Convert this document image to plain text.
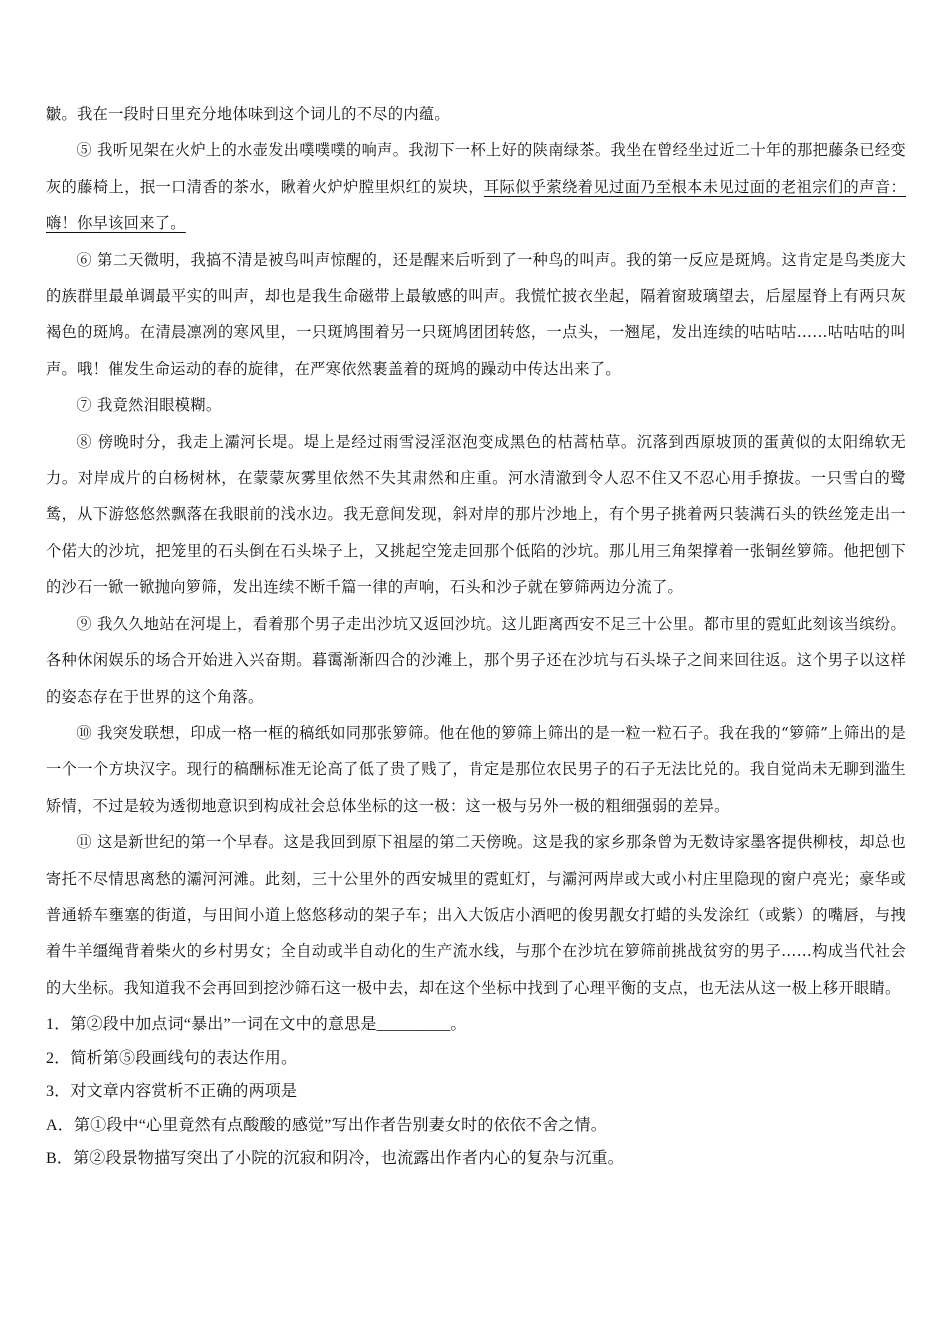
皺。我在一段时日里充分地体味到这个词儿的不尽的内蕴。

⑤ 我听见架在火炉上的水壶发出噗噗噗的响声。我沏下一杯上好的陕南绿茶。我坐在曾经坐过近二十年的那把藤条已经变灰的藤椅上，抿一口清香的茶水，瞅着火炉炉膛里炽红的炭块，耳际似乎萦绕着见过面乃至根本未见过面的老祖宗们的声音：嗨！你早该回来了。

⑥ 第二天微明，我搞不清是被鸟叫声惊醒的，还是醒来后听到了一种鸟的叫声。我的第一反应是斑鸠。这肯定是鸟类庞大的族群里最单调最平实的叫声，却也是我生命磁带上最敏感的叫声。我慌忙披衣坐起，隔着窗玻璃望去，后屋屋脊上有两只灰褐色的斑鸠。在清晨凛冽的寒风里，一只斑鸠围着另一只斑鸠团团转悠，一点头，一翘尾，发出连续的咕咕咕……咕咕咕的叫声。哦！催发生命运动的春的旋律，在严寒依然裹盖着的斑鸠的躁动中传达出来了。

⑦ 我竟然泪眼模糊。

⑧ 傍晚时分，我走上灞河长堤。堤上是经过雨雪浸淫沤泡变成黑色的枯蒿枯草。沉落到西原坡顶的蛋黄似的太阳绵软无力。对岸成片的白杨树林，在蒙蒙灰雾里依然不失其肃然和庄重。河水清澈到令人忍不住又不忍心用手撩拔。一只雪白的鹭鸶，从下游悠悠然飘落在我眼前的浅水边。我无意间发现，斜对岸的那片沙地上，有个男子挑着两只装满石头的铁丝笼走出一个偌大的沙坑，把笼里的石头倒在石头垛子上，又挑起空笼走回那个低陷的沙坑。那儿用三角架撑着一张铜丝箩筛。他把刨下的沙石一锨一锨抛向箩筛，发出连续不断千篇一律的声响，石头和沙子就在箩筛两边分流了。

⑨ 我久久地站在河堤上，看着那个男子走出沙坑又返回沙坑。这儿距离西安不足三十公里。都市里的霓虹此刻该当缤纷。各种休闲娱乐的场合开始进入兴奋期。暮霭渐渐四合的沙滩上，那个男子还在沙坑与石头垛子之间来回往返。这个男子以这样的姿态存在于世界的这个角落。

⑩ 我突发联想，印成一格一框的稿纸如同那张箩筛。他在他的箩筛上筛出的是一粒一粒石子。我在我的“箩筛”上筛出的是一个一个方块汉字。现行的稿酬标准无论高了低了贵了贱了，肯定是那位农民男子的石子无法比兑的。我自觉尚未无聊到滥生矫情，不过是较为透彻地意识到构成社会总体坐标的这一极：这一极与另外一极的粗细强弱的差异。

⑪ 这是新世纪的第一个早春。这是我回到原下祖屋的第二天傍晚。这是我的家乡那条曾为无数诗家墨客提供柳枝，却总也寄托不尽情思离愁的灞河河滩。此刻，三十公里外的西安城里的霓虹灯，与灞河两岸或大或小村庄里隐现的窗户亮光；豪华或普通轿车壅塞的街道，与田间小道上悠悠移动的架子车；出入大饭店小酒吧的俊男靓女打蜡的头发涂红（或紫）的嘴唇，与拽着牛羊缰绳背着柴火的乡村男女；全自动或半自动化的生产流水线，与那个在沙坑在箩筛前挑战贫穷的男子……构成当代社会的大坐标。我知道我不会再回到挖沙筛石这一极中去，却在这个坐标中找到了心理平衡的支点，也无法从这一极上移开眼睛。

1．第②段中加点词“暴出”一词在文中的意思是_________。

2．简析第⑤段画线句的表达作用。

3．对文章内容赏析不正确的两项是

A．第①段中“心里竟然有点酸酸的感觉”写出作者告别妻女时的依依不舍之情。

B．第②段景物描写突出了小院的沉寂和阴冷，也流露出作者内心的复杂与沉重。
